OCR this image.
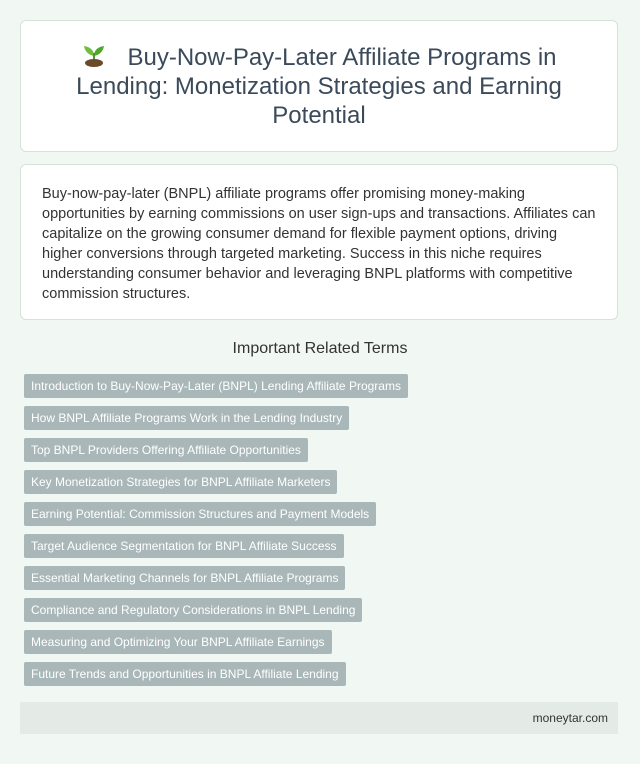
Buy-Now-Pay-Later Affiliate Programs in Lending: Monetization Strategies and Earning Potential

Buy-now-pay-later (BNPL) affiliate programs offer promising money-making opportunities by earning commissions on user sign-ups and transactions. Affiliates can capitalize on the growing consumer demand for flexible payment options, driving higher conversions through targeted marketing. Success in this niche requires understanding consumer behavior and leveraging BNPL platforms with competitive commission structures.

Important Related Terms
Introduction to Buy-Now-Pay-Later (BNPL) Lending Affiliate Programs
How BNPL Affiliate Programs Work in the Lending Industry
Top BNPL Providers Offering Affiliate Opportunities
Key Monetization Strategies for BNPL Affiliate Marketers
Earning Potential: Commission Structures and Payment Models
Target Audience Segmentation for BNPL Affiliate Success
Essential Marketing Channels for BNPL Affiliate Programs
Compliance and Regulatory Considerations in BNPL Lending
Measuring and Optimizing Your BNPL Affiliate Earnings
Future Trends and Opportunities in BNPL Affiliate Lending
moneytar.com
